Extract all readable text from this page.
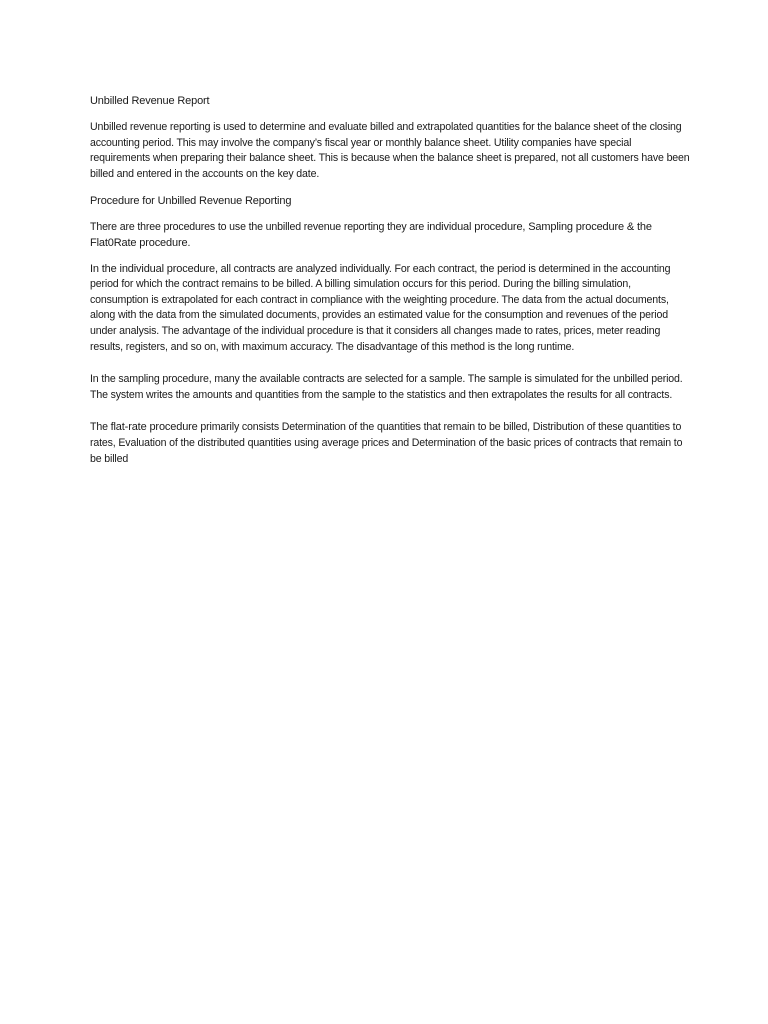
Unbilled Revenue Report

Unbilled revenue reporting is used to determine and evaluate billed and extrapolated quantities for the balance sheet of the closing accounting period. This may involve the company’s fiscal year or monthly balance sheet. Utility companies have special requirements when preparing their balance sheet. This is because when the balance sheet is prepared, not all customers have been billed and entered in the accounts on the key date.

Procedure for Unbilled Revenue Reporting

There are three procedures to use the unbilled revenue reporting they are individual procedure, Sampling procedure & the Flat0Rate procedure.

In the individual procedure, all contracts are analyzed individually. For each contract, the period is determined in the accounting period for which the contract remains to be billed. A billing simulation occurs for this period. During the billing simulation, consumption is extrapolated for each contract in compliance with the weighting procedure. The data from the actual documents, along with the data from the simulated documents, provides an estimated value for the consumption and revenues of the period under analysis. The advantage of the individual procedure is that it considers all changes made to rates, prices, meter reading results, registers, and so on, with maximum accuracy. The disadvantage of this method is the long runtime.

In the sampling procedure, many the available contracts are selected for a sample. The sample is simulated for the unbilled period. The system writes the amounts and quantities from the sample to the statistics and then extrapolates the results for all contracts.

The flat-rate procedure primarily consists Determination of the quantities that remain to be billed, Distribution of these quantities to rates, Evaluation of the distributed quantities using average prices and Determination of the basic prices of contracts that remain to be billed
